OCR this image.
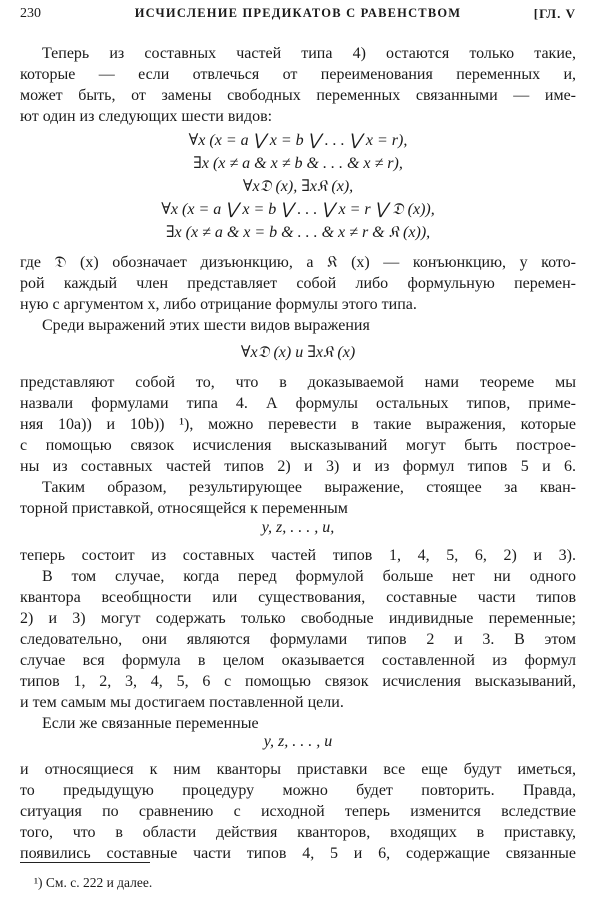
230	ИСЧИСЛЕНИЕ ПРЕДИКАТОВ С РАВЕНСТВОМ	[ГЛ. V
Теперь из составных частей типа 4) остаются только такие,
которые — если отвлечься от переименования переменных и,
может быть, от замены свободных переменных связанными — име-
ют один из следующих шести видов:
∀x (x = a ⋁ x = b ⋁ . . . ⋁ x = r),
∃x (x ≠ a & x ≠ b & . . . & x ≠ r),
∀x𝔇 (x), ∃x𝔎 (x),
∀x (x = a ⋁ x = b ⋁ . . . ⋁ x = r ⋁ 𝔇 (x)),
∃x (x ≠ a & x = b & . . . & x ≠ r & 𝔎 (x)),
где 𝔇 (x) обозначает дизъюнкцию, а 𝔎 (x) — конъюнкцию, у кото-
рой каждый член представляет собой либо формульную перемен-
ную с аргументом x, либо отрицание формулы этого типа.
Среди выражений этих шести видов выражения
∀x𝔇 (x) и ∃x𝔎 (x)
представляют собой то, что в доказываемой нами теореме мы
назвали формулами типа 4. А формулы остальных типов, приме-
няя 10a)) и 10b)) ¹), можно перевести в такие выражения, которые
с помощью связок исчисления высказываний могут быть построе-
ны из составных частей типов 2) и 3) и из формул типов 5 и 6.
Таким образом, результирующее выражение, стоящее за кван-
торной приставкой, относящейся к переменным
y, z, . . . , u,
теперь состоит из составных частей типов 1, 4, 5, 6, 2) и 3).
В том случае, когда перед формулой больше нет ни одного
квантора всеобщности или существования, составные части типов
2) и 3) могут содержать только свободные индивидные переменные;
следовательно, они являются формулами типов 2 и 3. В этом
случае вся формула в целом оказывается составленной из формул
типов 1, 2, 3, 4, 5, 6 с помощью связок исчисления высказываний,
и тем самым мы достигаем поставленной цели.
Если же связанные переменные
y, z, . . . , u
и относящиеся к ним кванторы приставки все еще будут иметься,
то предыдущую процедуру можно будет повторить. Правда,
ситуация по сравнению с исходной теперь изменится вследствие
того, что в области действия кванторов, входящих в приставку,
появились составные части типов 4, 5 и 6, содержащие связанные
¹) См. с. 222 и далее.
